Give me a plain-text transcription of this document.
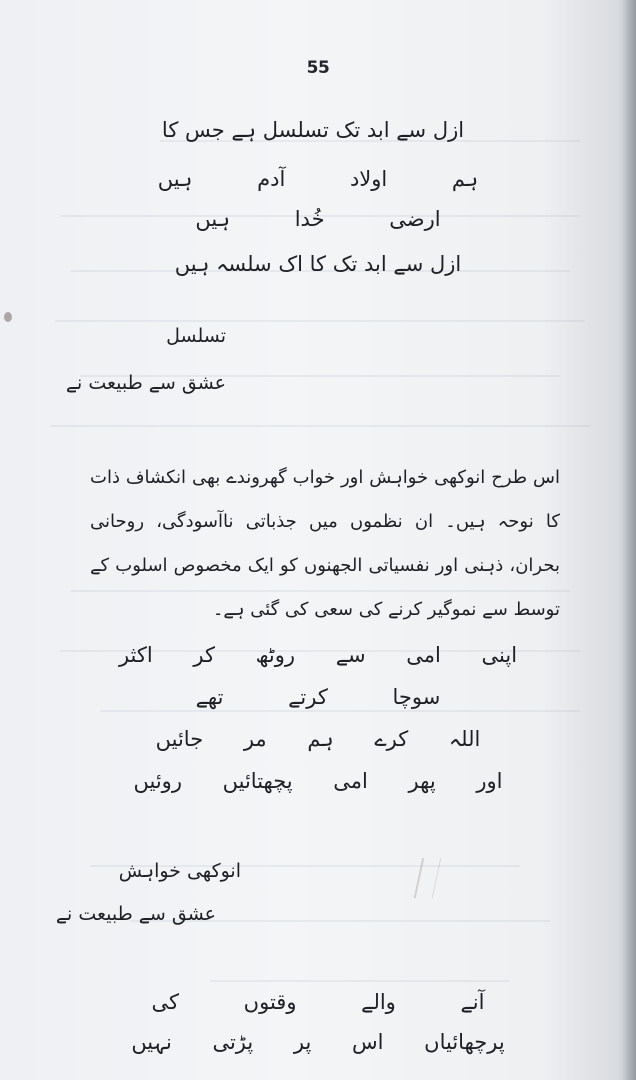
55
ازل سے ابد تک تسلسل ہے جس کا
ہم اولاد آدم ہیں
ارضی خُدا ہیں
ازل سے ابد تک کا اک سلسہ ہیں
تسلسل
عشق سے طبیعت نے
اس طرح انوکھی خواہش اور خواب گھروندے بھی انکشاف ذات کا نوحہ ہیں۔ ان نظموں میں جذباتی ناآسودگی، روحانی بحران، ذہنی اور نفسیاتی الجھنوں کو ایک مخصوص اسلوب کے توسط سے نموگیر کرنے کی سعی کی گئی ہے۔
اپنی امی سے روٹھ کر اکثر
سوچا کرتے تھے
اللہ کرے ہم مر جائیں
اور پھر امی پچھتائیں روئیں
انوکھی خواہش
عشق سے طبیعت نے
آنے والے وقتوں کی
پرچھائیاں اس پر پڑتی نہیں
